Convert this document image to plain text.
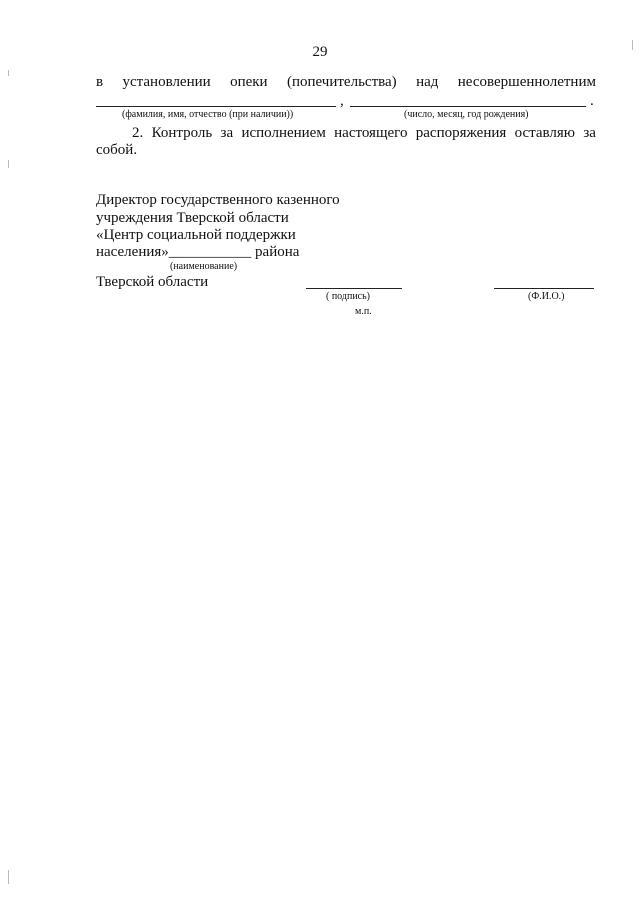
29
в установлении опеки (попечительства) над несовершеннолетним
,	.
(фамилия, имя, отчество (при наличии))	(число, месяц, год рождения)
2. Контроль за исполнением настоящего распоряжения оставляю за
собой.
Директор государственного казенного
учреждения Тверской области
«Центр социальной поддержки
населения»___________ района
(наименование)
Тверской области
( подпись)	(Ф.И.О.)
м.п.
